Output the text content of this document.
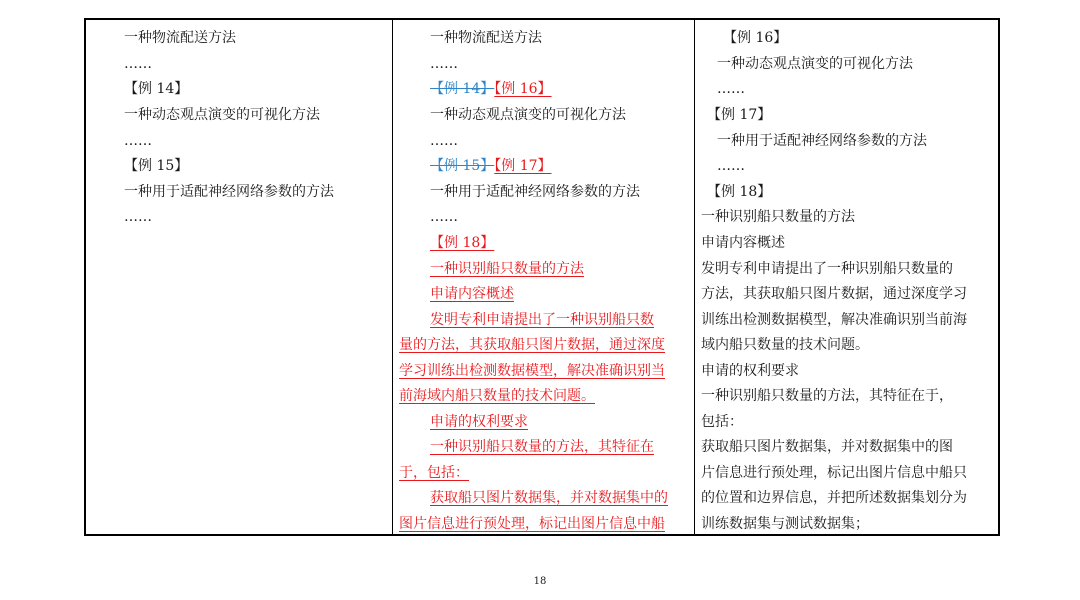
一种物流配送方法
……
【例 14】
一种动态观点演变的可视化方法
……
【例 15】
一种用于适配神经网络参数的方法
……
一种物流配送方法
……
【例 14】【例 16】
一种动态观点演变的可视化方法
……
【例 15】【例 17】
一种用于适配神经网络参数的方法
……
【例 18】
一种识别船只数量的方法
申请内容概述
发明专利申请提出了一种识别船只数
量的方法，其获取船只图片数据，通过深度
学习训练出检测数据模型，解决准确识别当
前海域内船只数量的技术问题。
申请的权利要求
一种识别船只数量的方法，其特征在
于，包括：
获取船只图片数据集，并对数据集中的
图片信息进行预处理，标记出图片信息中船
【例 16】
一种动态观点演变的可视化方法
……
【例 17】
一种用于适配神经网络参数的方法
……
【例 18】
一种识别船只数量的方法
申请内容概述
发明专利申请提出了一种识别船只数量的
方法，其获取船只图片数据，通过深度学习
训练出检测数据模型，解决准确识别当前海
域内船只数量的技术问题。
申请的权利要求
一种识别船只数量的方法，其特征在于，
包括：
获取船只图片数据集，并对数据集中的图
片信息进行预处理，标记出图片信息中船只
的位置和边界信息，并把所述数据集划分为
训练数据集与测试数据集；
18
